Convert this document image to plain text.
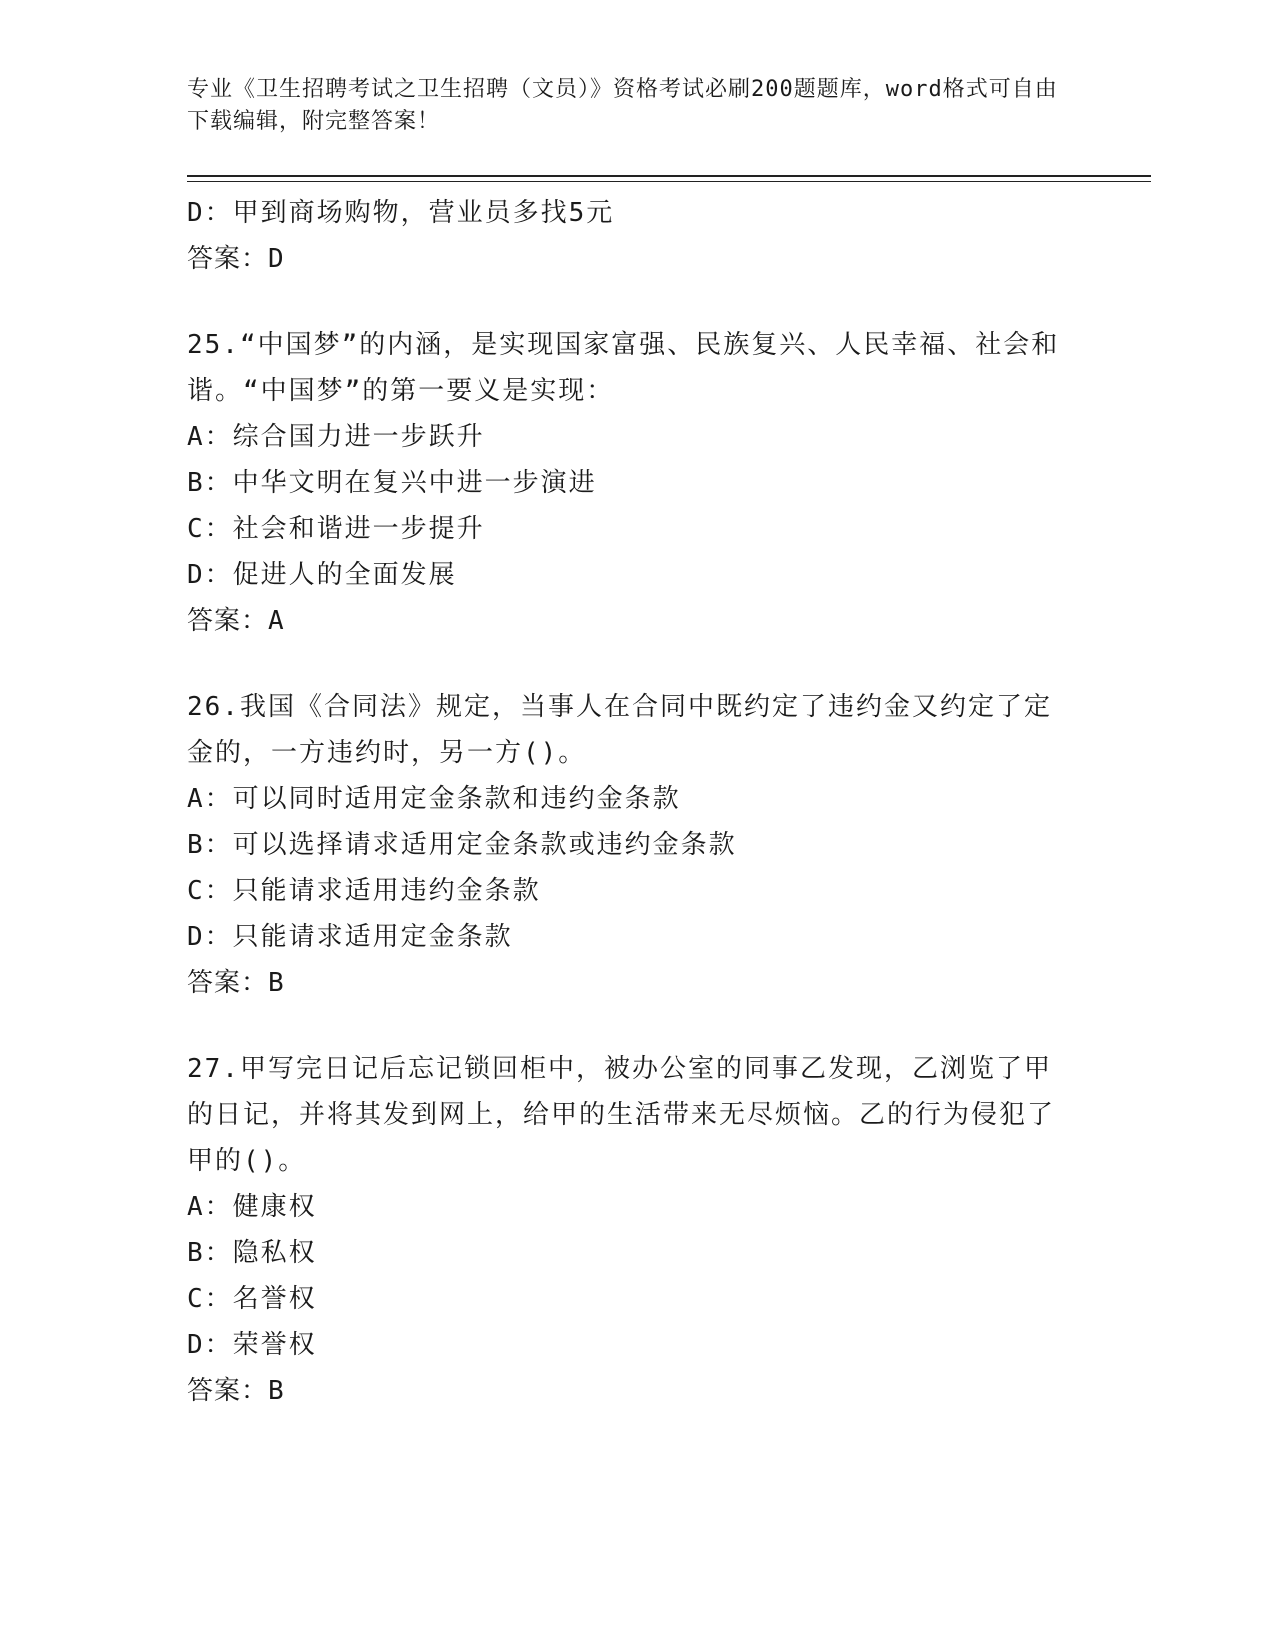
专业《卫生招聘考试之卫生招聘（文员）》资格考试必刷200题题库，word格式可自由下载编辑，附完整答案！
D：甲到商场购物，营业员多找5元
答案：D
25.“中国梦”的内涵，是实现国家富强、民族复兴、人民幸福、社会和谐。“中国梦”的第一要义是实现：
A：综合国力进一步跃升
B：中华文明在复兴中进一步演进
C：社会和谐进一步提升
D：促进人的全面发展
答案：A
26.我国《合同法》规定，当事人在合同中既约定了违约金又约定了定金的，一方违约时，另一方()。
A：可以同时适用定金条款和违约金条款
B：可以选择请求适用定金条款或违约金条款
C：只能请求适用违约金条款
D：只能请求适用定金条款
答案：B
27.甲写完日记后忘记锁回柜中，被办公室的同事乙发现，乙浏览了甲的日记，并将其发到网上，给甲的生活带来无尽烦恼。乙的行为侵犯了甲的()。
A：健康权
B：隐私权
C：名誉权
D：荣誉权
答案：B
